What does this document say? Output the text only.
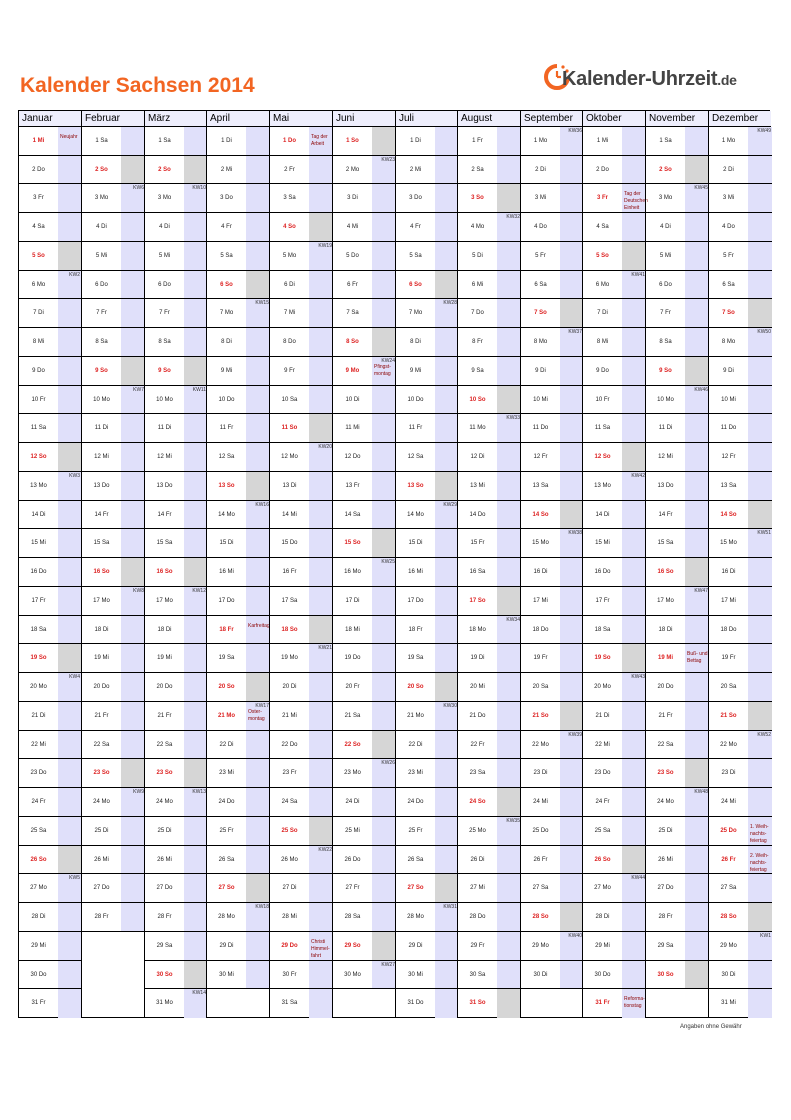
Kalender Sachsen 2014	Kalender-Uhrzeit.de
Januar
1 Mi
Neujahr
2 Do
3 Fr
4 Sa
5 So
6 Mo
KW2
7 Di
8 Mi
9 Do
10 Fr
11 Sa
12 So
13 Mo
KW3
14 Di
15 Mi
16 Do
17 Fr
18 Sa
19 So
20 Mo
KW4
21 Di
22 Mi
23 Do
24 Fr
25 Sa
26 So
27 Mo
KW5
28 Di
29 Mi
30 Do
31 Fr
Februar
1 Sa
2 So
3 Mo
KW6
4 Di
5 Mi
6 Do
7 Fr
8 Sa
9 So
10 Mo
KW7
11 Di
12 Mi
13 Do
14 Fr
15 Sa
16 So
17 Mo
KW8
18 Di
19 Mi
20 Do
21 Fr
22 Sa
23 So
24 Mo
KW9
25 Di
26 Mi
27 Do
28 Fr
März
1 Sa
2 So
3 Mo
KW10
4 Di
5 Mi
6 Do
7 Fr
8 Sa
9 So
10 Mo
KW11
11 Di
12 Mi
13 Do
14 Fr
15 Sa
16 So
17 Mo
KW12
18 Di
19 Mi
20 Do
21 Fr
22 Sa
23 So
24 Mo
KW13
25 Di
26 Mi
27 Do
28 Fr
29 Sa
30 So
31 Mo
KW14
April
1 Di
2 Mi
3 Do
4 Fr
5 Sa
6 So
7 Mo
KW15
8 Di
9 Mi
10 Do
11 Fr
12 Sa
13 So
14 Mo
KW16
15 Di
16 Mi
17 Do
18 Fr
Karfreitag
19 Sa
20 So
21 Mo
KW17
Oster-
montag
22 Di
23 Mi
24 Do
25 Fr
26 Sa
27 So
28 Mo
KW18
29 Di
30 Mi
Mai
1 Do
Tag der
Arbeit
2 Fr
3 Sa
4 So
5 Mo
KW19
6 Di
7 Mi
8 Do
9 Fr
10 Sa
11 So
12 Mo
KW20
13 Di
14 Mi
15 Do
16 Fr
17 Sa
18 So
19 Mo
KW21
20 Di
21 Mi
22 Do
23 Fr
24 Sa
25 So
26 Mo
KW22
27 Di
28 Mi
29 Do
Christi
Himmel-
fahrt
30 Fr
31 Sa
Juni
1 So
2 Mo
KW23
3 Di
4 Mi
5 Do
6 Fr
7 Sa
8 So
9 Mo
KW24
Pfingst-
montag
10 Di
11 Mi
12 Do
13 Fr
14 Sa
15 So
16 Mo
KW25
17 Di
18 Mi
19 Do
20 Fr
21 Sa
22 So
23 Mo
KW26
24 Di
25 Mi
26 Do
27 Fr
28 Sa
29 So
30 Mo
KW27
Juli
1 Di
2 Mi
3 Do
4 Fr
5 Sa
6 So
7 Mo
KW28
8 Di
9 Mi
10 Do
11 Fr
12 Sa
13 So
14 Mo
KW29
15 Di
16 Mi
17 Do
18 Fr
19 Sa
20 So
21 Mo
KW30
22 Di
23 Mi
24 Do
25 Fr
26 Sa
27 So
28 Mo
KW31
29 Di
30 Mi
31 Do
August
1 Fr
2 Sa
3 So
4 Mo
KW32
5 Di
6 Mi
7 Do
8 Fr
9 Sa
10 So
11 Mo
KW33
12 Di
13 Mi
14 Do
15 Fr
16 Sa
17 So
18 Mo
KW34
19 Di
20 Mi
21 Do
22 Fr
23 Sa
24 So
25 Mo
KW35
26 Di
27 Mi
28 Do
29 Fr
30 Sa
31 So
September
1 Mo
KW36
2 Di
3 Mi
4 Do
5 Fr
6 Sa
7 So
8 Mo
KW37
9 Di
10 Mi
11 Do
12 Fr
13 Sa
14 So
15 Mo
KW38
16 Di
17 Mi
18 Do
19 Fr
20 Sa
21 So
22 Mo
KW39
23 Di
24 Mi
25 Do
26 Fr
27 Sa
28 So
29 Mo
KW40
30 Di
Oktober
1 Mi
2 Do
3 Fr
Tag der
Deutschen
Einheit
4 Sa
5 So
6 Mo
KW41
7 Di
8 Mi
9 Do
10 Fr
11 Sa
12 So
13 Mo
KW42
14 Di
15 Mi
16 Do
17 Fr
18 Sa
19 So
20 Mo
KW43
21 Di
22 Mi
23 Do
24 Fr
25 Sa
26 So
27 Mo
KW44
28 Di
29 Mi
30 Do
31 Fr
Reforma-
tionstag
November
1 Sa
2 So
3 Mo
KW45
4 Di
5 Mi
6 Do
7 Fr
8 Sa
9 So
10 Mo
KW46
11 Di
12 Mi
13 Do
14 Fr
15 Sa
16 So
17 Mo
KW47
18 Di
19 Mi
Buß- und
Bettag
20 Do
21 Fr
22 Sa
23 So
24 Mo
KW48
25 Di
26 Mi
27 Do
28 Fr
29 Sa
30 So
Dezember
1 Mo
KW49
2 Di
3 Mi
4 Do
5 Fr
6 Sa
7 So
8 Mo
KW50
9 Di
10 Mi
11 Do
12 Fr
13 Sa
14 So
15 Mo
KW51
16 Di
17 Mi
18 Do
19 Fr
20 Sa
21 So
22 Mo
KW52
23 Di
24 Mi
25 Do
1. Weih-
nachts-
feiertag
26 Fr
2. Weih-
nachts-
feiertag
27 Sa
28 So
29 Mo
KW1
30 Di
31 Mi
Angaben ohne Gewähr
